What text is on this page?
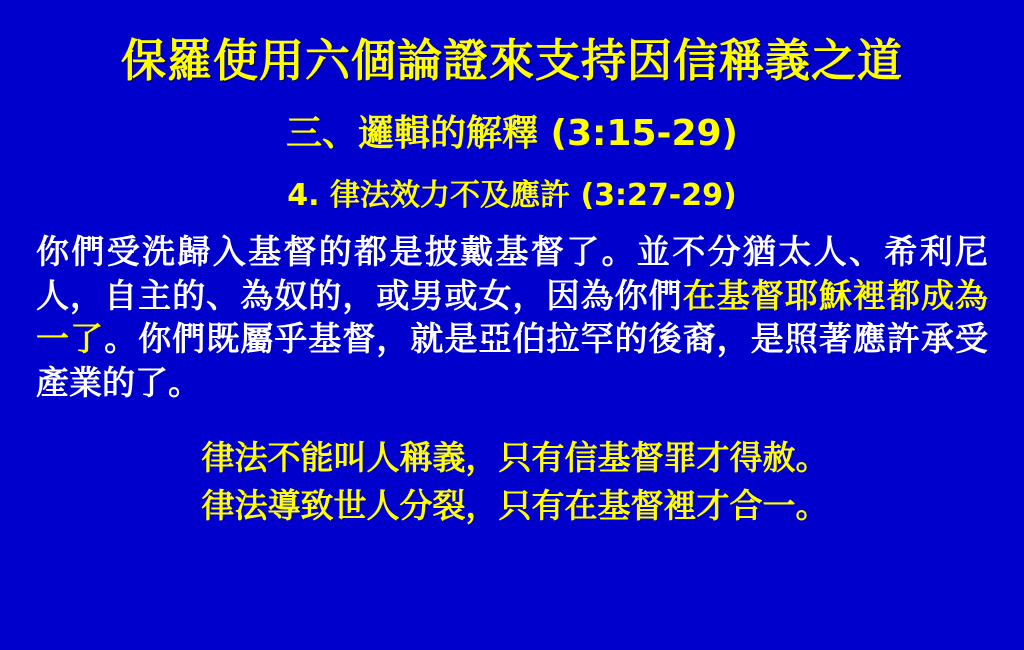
保羅使用六個論證來支持因信稱義之道
三、邏輯的解釋 (3:15-29)
4. 律法效力不及應許 (3:27-29)

你們受洗歸入基督的都是披戴基督了。並不分猶太人、希利尼人，自主的、為奴的，或男或女，因為你們在基督耶穌裡都成為一了。你們既屬乎基督，就是亞伯拉罕的後裔，是照著應許承受產業的了。

律法不能叫人稱義，只有信基督罪才得赦。

律法導致世人分裂，只有在基督裡才合一。
